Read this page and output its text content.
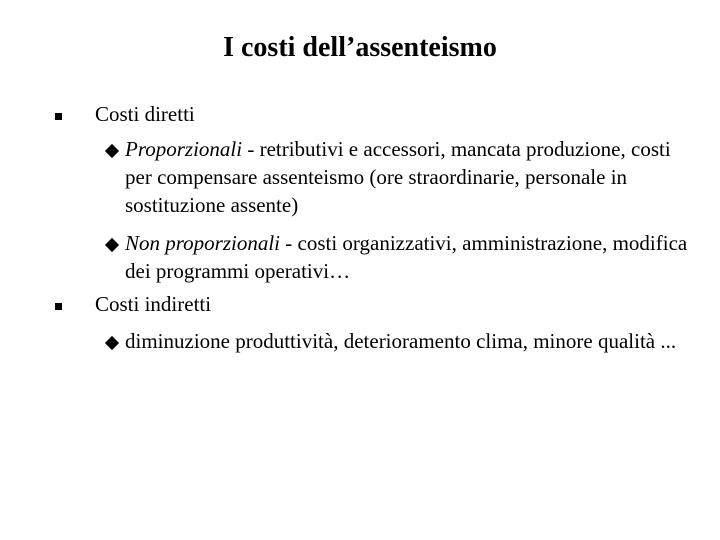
I costi dell’assenteismo
Costi diretti
Proporzionali - retributivi e accessori, mancata produzione, costi per compensare assenteismo (ore straordinarie, personale in sostituzione assente)
Non proporzionali - costi organizzativi, amministrazione, modifica dei programmi operativi…
Costi indiretti
diminuzione produttività, deterioramento clima, minore qualità ...
